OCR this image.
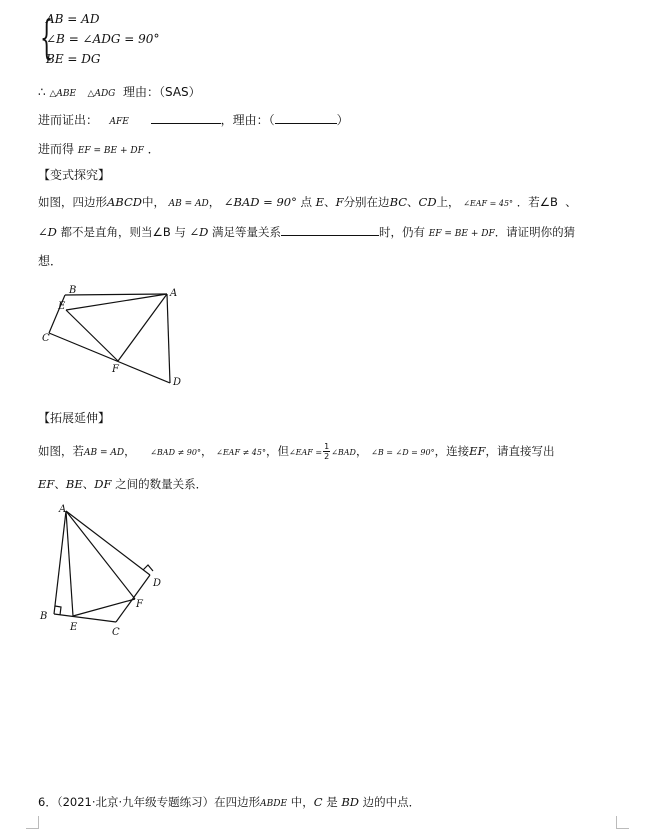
{
AB = AD
∠B = ∠ADG = 90°
BE = DG
∴ △ABE △ADG 理由：（SAS）
进而证出： AFE	，理由：（	）
进而得 EF = BE + DF ．
【变式探究】
如图，四边形ABCD中， AB = AD， ∠BAD = 90° 点 E、F分别在边BC、CD上， ∠EAF = 45° ．若∠B 、
∠D 都不是直角，则当∠B 与 ∠D 满足等量关系	时，仍有 EF = BE + DF．请证明你的猜
想．
B	A
E
C
F
D
【拓展延伸】
如图，若AB = AD， ∠BAD ≠ 90°， ∠EAF ≠ 45°，但∠EAF = $\frac{1}{2}$ ∠BAD， ∠B = ∠D = 90°，连接EF，请直接写出
EF、BE、DF 之间的数量关系．
A
D
F
B
E	C
6．（2021·北京·九年级专题练习）在四边形ABDE 中，C 是 BD 边的中点．
